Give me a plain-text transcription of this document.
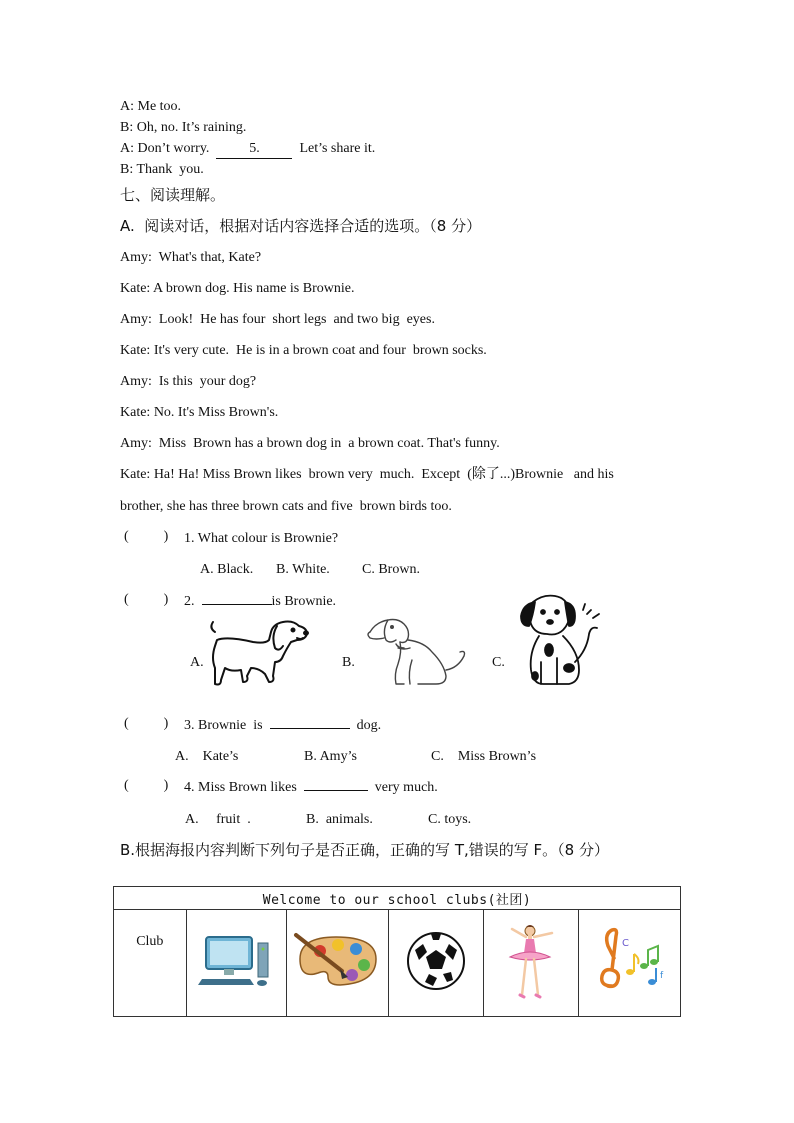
A: Me too.
B: Oh, no. It’s raining.
A: Don’t worry.	5.	Let’s share it.
B: Thank  you.
七、阅读理解。
A.  阅读对话，根据对话内容选择合适的选项。（8 分）
Amy:  What's that, Kate?
Kate: A brown dog. His name is Brownie.
Amy:  Look!  He has four  short legs  and two big  eyes.
Kate: It's very cute.  He is in a brown coat and four  brown socks.
Amy:  Is this  your dog?
Kate: No. It's Miss Brown's.
Amy:  Miss  Brown has a brown dog in  a brown coat. That's funny.
Kate: Ha! Ha! Miss Brown likes  brown very  much.  Except  (除了...)Brownie   and his
brother, she has three brown cats and five  brown birds too.
(          ) 1. What colour is Brownie?
A. Black. B. White. C. Brown.
(          ) 2.	is Brownie.
A.	B.	C.
(          ) 3. Brownie  is	dog.
A.    Kate’s	B. Amy’s	C.    Miss Brown’s
(          ) 4. Miss Brown likes	very much.
A.     fruit  .	B.  animals.	C. toys.
B.根据海报内容判断下列句子是否正确，正确的写 T,错误的写 F。（8 分）
Welcome to our school clubs(社团)
Club					C
f
